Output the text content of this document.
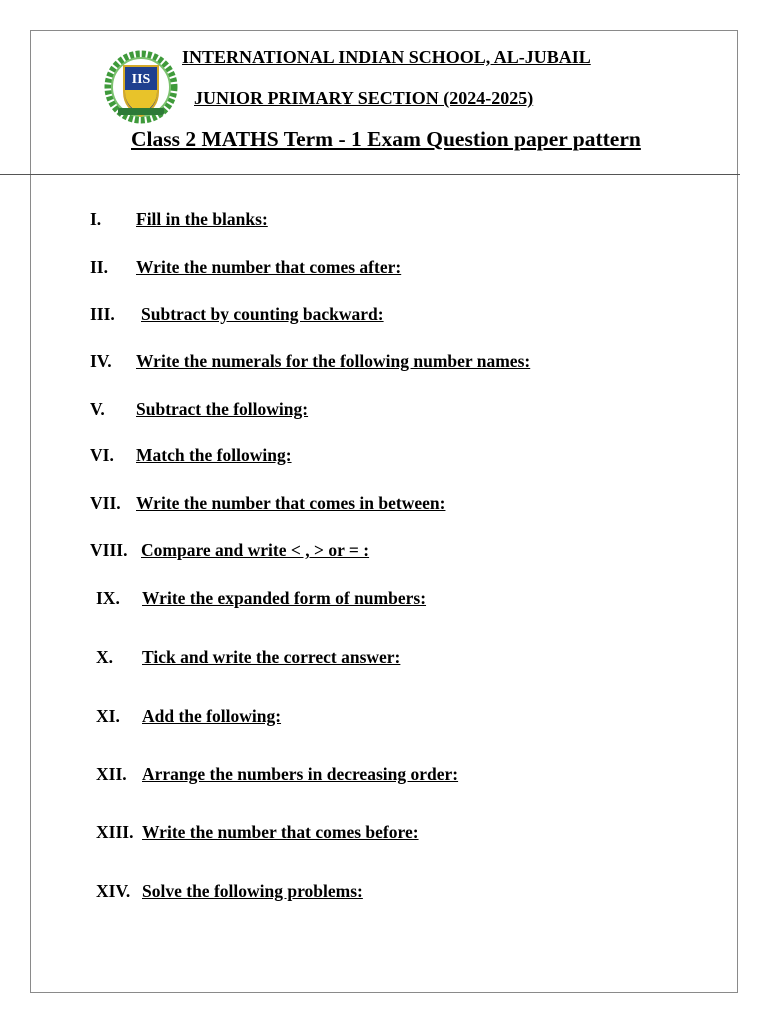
IIS
INTERNATIONAL INDIAN SCHOOL, AL-JUBAIL
JUNIOR PRIMARY SECTION (2024-2025)
Class 2 MATHS Term - 1 Exam Question paper pattern
I. Fill in the blanks:
II. Write the number that comes after:
III. Subtract by counting backward:
IV. Write the numerals for the following number names:
V. Subtract the following:
VI. Match the following:
VII. Write the number that comes in between:
VIII. Compare and write < , > or = :
IX. Write the expanded form of numbers:
X. Tick and write the correct answer:
XI. Add the following:
XII. Arrange the numbers in decreasing order:
XIII. Write the number that comes before:
XIV. Solve the following problems:
